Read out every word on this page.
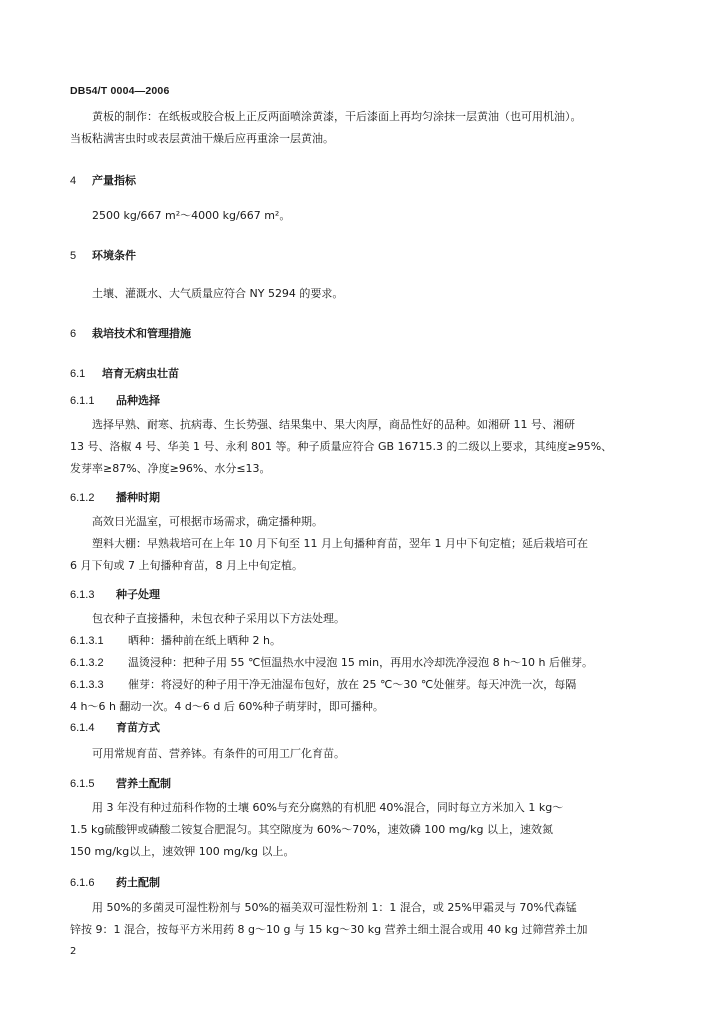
DB54/T 0004—2006

黄板的制作：在纸板或胶合板上正反两面喷涂黄漆，干后漆面上再均匀涂抹一层黄油（也可用机油）。

当板粘满害虫时或表层黄油干燥后应再重涂一层黄油。

4 产量指标

2500 kg/667 m²～4000 kg/667 m²。

5 环境条件

土壤、灌溉水、大气质量应符合 NY 5294 的要求。

6 栽培技术和管理措施
6.1 培育无病虫壮苗
6.1.1 品种选择

选择早熟、耐寒、抗病毒、生长势强、结果集中、果大肉厚，商品性好的品种。如湘研 11 号、湘研

13 号、洛椒 4 号、华美 1 号、永利 801 等。种子质量应符合 GB 16715.3 的二级以上要求，其纯度≥95%、

发芽率≥87%、净度≥96%、水分≤13。

6.1.2 播种时期

高效日光温室，可根据市场需求，确定播种期。

塑料大棚：早熟栽培可在上年 10 月下旬至 11 月上旬播种育苗，翌年 1 月中下旬定植；延后栽培可在

6 月下旬或 7 上旬播种育苗，8 月上中旬定植。

6.1.3 种子处理

包衣种子直接播种，未包衣种子采用以下方法处理。

6.1.3.1 晒种：播种前在纸上晒种 2 h。
6.1.3.2 温烫浸种：把种子用 55 ℃恒温热水中浸泡 15 min，再用水冷却洗净浸泡 8 h～10 h 后催芽。
6.1.3.3 催芽：将浸好的种子用干净无油湿布包好，放在 25 ℃～30 ℃处催芽。每天冲洗一次，每隔
4 h～6 h 翻动一次。4 d～6 d 后 60%种子萌芽时，即可播种。
6.1.4 育苗方式

可用常规育苗、营养钵。有条件的可用工厂化育苗。

6.1.5 营养土配制

用 3 年没有种过茄科作物的土壤 60%与充分腐熟的有机肥 40%混合，同时每立方米加入 1 kg～

1.5 kg硫酸钾或磷酸二铵复合肥混匀。其空隙度为 60%～70%，速效磷 100 mg/kg 以上，速效氮

150 mg/kg以上，速效钾 100 mg/kg 以上。

6.1.6 药土配制

用 50%的多菌灵可湿性粉剂与 50%的福美双可湿性粉剂 1：1 混合，或 25%甲霜灵与 70%代森锰

锌按 9：1 混合，按每平方米用药 8 g～10 g 与 15 kg～30 kg 营养土细土混合或用 40 kg 过筛营养土加

2
